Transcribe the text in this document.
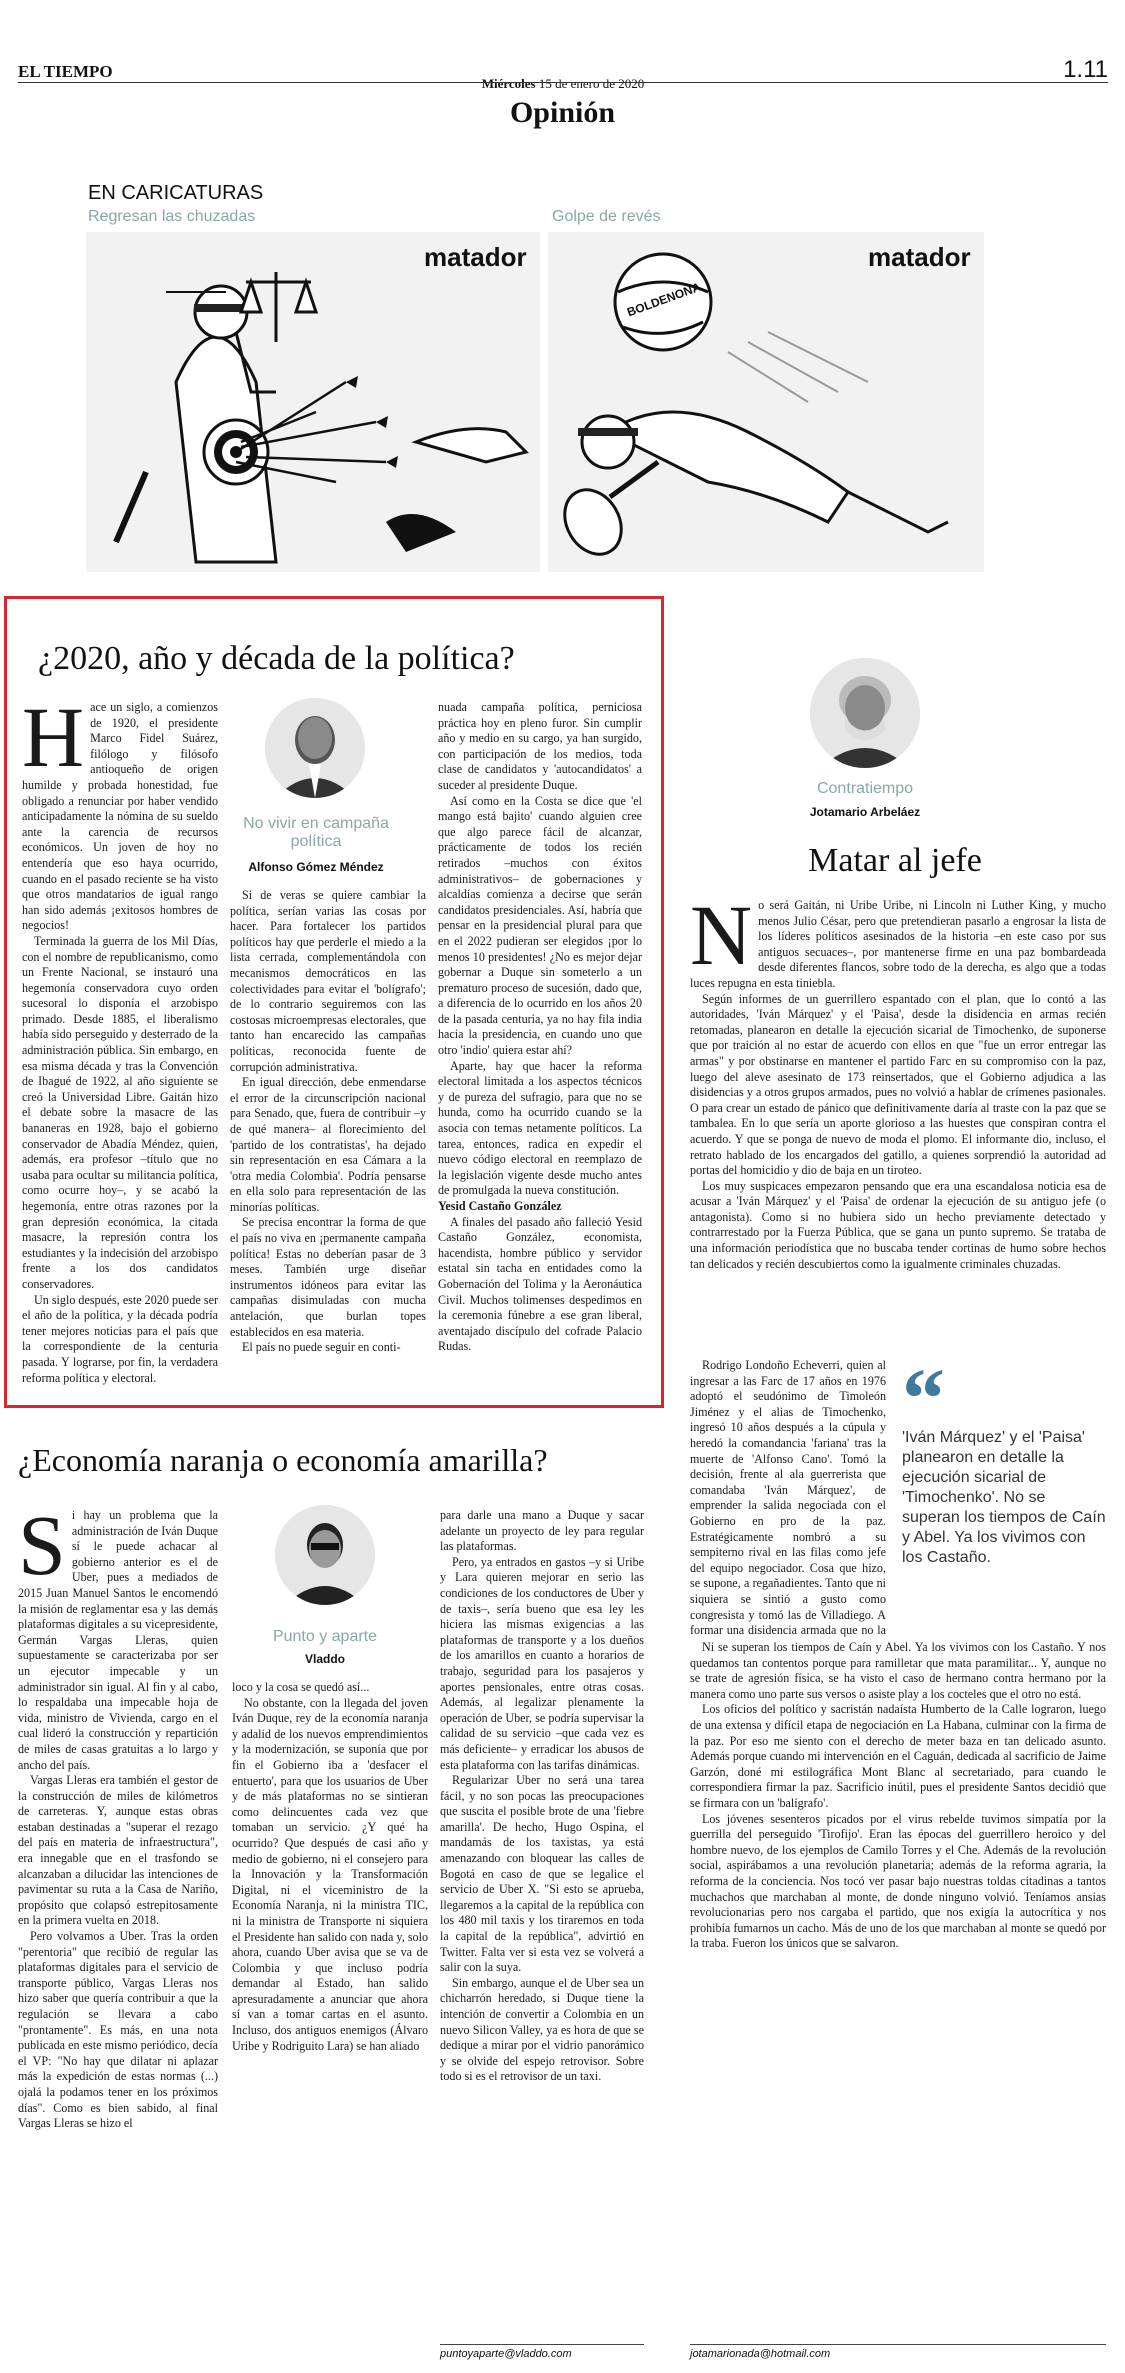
EL TIEMPO
Miércoles 15 de enero de 2020
1.11
Opinión
EN CARICATURAS
Regresan las chuzadas	Golpe de revés
matador
BOLDENONA
matador
¿2020, año y década de la política?

Hace un siglo, a comienzos de 1920, el presidente Marco Fidel Suárez, filólogo y filósofo antioqueño de origen humilde y probada honestidad, fue obligado a renunciar por haber vendido anticipadamente la nómina de su sueldo ante la carencia de recursos económicos. Un joven de hoy no entendería que eso haya ocurrido, cuando en el pasado reciente se ha visto que otros mandatarios de igual rango han sido además ¡exitosos hombres de negocios!

Terminada la guerra de los Mil Días, con el nombre de republicanismo, como un Frente Nacional, se instauró una hegemonía conservadora cuyo orden sucesoral lo disponía el arzobispo primado. Desde 1885, el liberalismo había sido perseguido y desterrado de la administración pública. Sin embargo, en esa misma década y tras la Convención de Ibagué de 1922, al año siguiente se creó la Universidad Libre. Gaitán hizo el debate sobre la masacre de las bananeras en 1928, bajo el gobierno conservador de Abadía Méndez, quien, además, era profesor –título que no usaba para ocultar su militancia política, como ocurre hoy–, y se acabó la hegemonía, entre otras razones por la gran depresión económica, la citada masacre, la represión contra los estudiantes y la indecisión del arzobispo frente a los dos candidatos conservadores.

Un siglo después, este 2020 puede ser el año de la política, y la década podría tener mejores noticias para el país que la correspondiente de la centuria pasada. Y lograrse, por fin, la verdadera reforma política y electoral.

No vivir en campaña política
Alfonso Gómez Méndez

Si de veras se quiere cambiar la política, serían varias las cosas por hacer. Para fortalecer los partidos políticos hay que perderle el miedo a la lista cerrada, complementándola con mecanismos democráticos en las colectividades para evitar el 'bolígrafo'; de lo contrario seguiremos con las costosas microempresas electorales, que tanto han encarecido las campañas políticas, reconocida fuente de corrupción administrativa.

En igual dirección, debe enmendarse el error de la circunscripción nacional para Senado, que, fuera de contribuir –y de qué manera– al florecimiento del 'partido de los contratistas', ha dejado sin representación en esa Cámara a la 'otra media Colombia'. Podría pensarse en ella solo para representación de las minorías políticas.

Se precisa encontrar la forma de que el país no viva en ¡permanente campaña política! Estas no deberían pasar de 3 meses. También urge diseñar instrumentos idóneos para evitar las campañas disimuladas con mucha antelación, que burlan topes establecidos en esa materia.

El país no puede seguir en conti-

nuada campaña política, perniciosa práctica hoy en pleno furor. Sin cumplir año y medio en su cargo, ya han surgido, con participación de los medios, toda clase de candidatos y 'autocandidatos' a suceder al presidente Duque.

Así como en la Costa se dice que 'el mango está bajito' cuando alguien cree que algo parece fácil de alcanzar, prácticamente de todos los recién retirados –muchos con éxitos administrativos– de gobernaciones y alcaldías comienza a decirse que serán candidatos presidenciales. Así, habría que pensar en la presidencial plural para que en el 2022 pudieran ser elegidos ¡por lo menos 10 presidentes! ¿No es mejor dejar gobernar a Duque sin someterlo a un prematuro proceso de sucesión, dado que, a diferencia de lo ocurrido en los años 20 de la pasada centuria, ya no hay fila india hacia la presidencia, en cuando uno que otro 'indio' quiera estar ahí?

Aparte, hay que hacer la reforma electoral limitada a los aspectos técnicos y de pureza del sufragio, para que no se hunda, como ha ocurrido cuando se la asocia con temas netamente políticos. La tarea, entonces, radica en expedir el nuevo código electoral en reemplazo de la legislación vigente desde mucho antes de promulgada la nueva constitución.

Yesid Castaño González

A finales del pasado año falleció Yesid Castaño González, economista, hacendista, hombre público y servidor estatal sin tacha en entidades como la Gobernación del Tolima y la Aeronáutica Civil. Muchos tolimenses despedimos en la ceremonia fúnebre a ese gran liberal, aventajado discípulo del cofrade Palacio Rudas.

¿Economía naranja o economía amarilla?

Si hay un problema que la administración de Iván Duque sí le puede achacar al gobierno anterior es el de Uber, pues a mediados de 2015 Juan Manuel Santos le encomendó la misión de reglamentar esa y las demás plataformas digitales a su vicepresidente, Germán Vargas Lleras, quien supuestamente se caracterizaba por ser un ejecutor impecable y un administrador sin igual. Al fin y al cabo, lo respaldaba una impecable hoja de vida, ministro de Vivienda, cargo en el cual lideró la construcción y repartición de miles de casas gratuitas a lo largo y ancho del país.

Vargas Lleras era también el gestor de la construcción de miles de kilómetros de carreteras. Y, aunque estas obras estaban destinadas a "superar el rezago del país en materia de infraestructura", era innegable que en el trasfondo se alcanzaban a dilucidar las intenciones de pavimentar su ruta a la Casa de Nariño, propósito que colapsó estrepitosamente en la primera vuelta en 2018.

Pero volvamos a Uber. Tras la orden "perentoria" que recibió de regular las plataformas digitales para el servicio de transporte público, Vargas Lleras nos hizo saber que quería contribuir a que la regulación se llevara a cabo "prontamente". Es más, en una nota publicada en este mismo periódico, decía el VP: "No hay que dilatar ni aplazar más la expedición de estas normas (...) ojalá la podamos tener en los próximos días". Como es bien sabido, al final Vargas Lleras se hizo el

Punto y aparte
Vladdo

loco y la cosa se quedó así...

No obstante, con la llegada del joven Iván Duque, rey de la economía naranja y adalid de los nuevos emprendimientos y la modernización, se suponía que por fin el Gobierno iba a 'desfacer el entuerto', para que los usuarios de Uber y de más plataformas no se sintieran como delincuentes cada vez que tomaban un servicio. ¿Y qué ha ocurrido? Que después de casi año y medio de gobierno, ni el consejero para la Innovación y la Transformación Digital, ni el viceministro de la Economía Naranja, ni la ministra TIC, ni la ministra de Transporte ni siquiera el Presidente han salido con nada y, solo ahora, cuando Uber avisa que se va de Colombia y que incluso podría demandar al Estado, han salido apresuradamente a anunciar que ahora sí van a tomar cartas en el asunto. Incluso, dos antiguos enemigos (Álvaro Uribe y Rodriguito Lara) se han aliado

para darle una mano a Duque y sacar adelante un proyecto de ley para regular las plataformas.

Pero, ya entrados en gastos –y si Uribe y Lara quieren mejorar en serio las condiciones de los conductores de Uber y de taxis–, sería bueno que esa ley les hiciera las mismas exigencias a las plataformas de transporte y a los dueños de los amarillos en cuanto a horarios de trabajo, seguridad para los pasajeros y aportes pensionales, entre otras cosas. Además, al legalizar plenamente la operación de Uber, se podría supervisar la calidad de su servicio –que cada vez es más deficiente– y erradicar los abusos de esta plataforma con las tarifas dinámicas.

Regularizar Uber no será una tarea fácil, y no son pocas las preocupaciones que suscita el posible brote de una 'fiebre amarilla'. De hecho, Hugo Ospina, el mandamás de los taxistas, ya está amenazando con bloquear las calles de Bogotá en caso de que se legalice el servicio de Uber X. "Si esto se aprueba, llegaremos a la capital de la república con los 480 mil taxis y los tiraremos en toda la capital de la república", advirtió en Twitter. Falta ver si esta vez se volverá a salir con la suya.

Sin embargo, aunque el de Uber sea un chicharrón heredado, si Duque tiene la intención de convertir a Colombia en un nuevo Silicon Valley, ya es hora de que se dedique a mirar por el vidrio panorámico y se olvide del espejo retrovisor. Sobre todo si es el retrovisor de un taxi.

puntoyaparte@vladdo.com
Contratiempo
Jotamario Arbeláez
Matar al jefe

No será Gaitán, ni Uribe Uribe, ni Lincoln ni Luther King, y mucho menos Julio César, pero que pretendieran pasarlo a engrosar la lista de los líderes políticos asesinados de la historia –en este caso por sus antiguos secuaces–, por mantenerse firme en una paz bombardeada desde diferentes flancos, sobre todo de la derecha, es algo que a todas luces repugna en esta tiniebla.

Según informes de un guerrillero espantado con el plan, que lo contó a las autoridades, 'Iván Márquez' y el 'Paisa', desde la disidencia en armas recién retomadas, planearon en detalle la ejecución sicarial de Timochenko, de suponerse que por traición al no estar de acuerdo con ellos en que "fue un error entregar las armas" y por obstinarse en mantener el partido Farc en su compromiso con la paz, luego del aleve asesinato de 173 reinsertados, que el Gobierno adjudica a las disidencias y a otros grupos armados, pues no volvió a hablar de crímenes pasionales. O para crear un estado de pánico que definitivamente daría al traste con la paz que se tambalea. En lo que sería un aporte glorioso a las huestes que conspiran contra el acuerdo. Y que se ponga de nuevo de moda el plomo. El informante dio, incluso, el retrato hablado de los encargados del gatillo, a quienes sorprendió la autoridad ad portas del homicidio y dio de baja en un tiroteo.

Los muy suspicaces empezaron pensando que era una escandalosa noticia esa de acusar a 'Iván Márquez' y el 'Paisa' de ordenar la ejecución de su antiguo jefe (o antagonista). Como si no hubiera sido un hecho previamente detectado y contrarrestado por la Fuerza Pública, que se gana un punto supremo. Se trataba de una información periodística que no buscaba tender cortinas de humo sobre hechos tan delicados y recién descubiertos como la igualmente criminales chuzadas.

Rodrigo Londoño Echeverri, quien al ingresar a las Farc de 17 años en 1976 adoptó el seudónimo de Timoleón Jiménez y el alias de Timochenko, ingresó 10 años después a la cúpula y heredó la comandancia 'fariana' tras la muerte de 'Alfonso Cano'. Tomó la decisión, frente al ala guerrerista que comandaba 'Iván Márquez', de emprender la salida negociada con el Gobierno en pro de la paz. Estratégicamente nombró a su sempiterno rival en las filas como jefe del equipo negociador. Cosa que hizo, se supone, a regañadientes. Tanto que ni siquiera se sintió a gusto como congresista y tomó las de Villadiego. A formar una disidencia armada que no la

“
'Iván Márquez' y el 'Paisa' planearon en detalle la ejecución sicarial de 'Timochenko'. No se superan los tiempos de Caín y Abel. Ya los vivimos con los Castaño.

Ni se superan los tiempos de Caín y Abel. Ya los vivimos con los Castaño. Y nos quedamos tan contentos porque para ramilletar que mata paramilitar... Y, aunque no se trate de agresión física, se ha visto el caso de hermano contra hermano por la manera como uno parte sus versos o asiste play a los cocteles que el otro no está.

Los oficios del político y sacristán nadaísta Humberto de la Calle lograron, luego de una extensa y difícil etapa de negociación en La Habana, culminar con la firma de la paz. Por eso me siento con el derecho de meter baza en tan delicado asunto. Además porque cuando mi intervención en el Caguán, dedicada al sacrificio de Jaime Garzón, doné mi estilográfica Mont Blanc al secretariado, para cuando le correspondiera firmar la paz. Sacrificio inútil, pues el presidente Santos decidió que se firmara con un 'balígrafo'.

Los jóvenes sesenteros picados por el virus rebelde tuvimos simpatía por la guerrilla del perseguido 'Tirofijo'. Eran las épocas del guerrillero heroico y del hombre nuevo, de los ejemplos de Camilo Torres y el Che. Además de la revolución social, aspirábamos a una revolución planetaria; además de la reforma agraria, la reforma de la conciencia. Nos tocó ver pasar bajo nuestras toldas citadinas a tantos muchachos que marchaban al monte, de donde ninguno volvió. Teníamos ansias revolucionarias pero nos cargaba el partido, que nos exigía la autocrítica y nos prohibía fumarnos un cacho. Más de uno de los que marchaban al monte se quedó por la traba. Fueron los únicos que se salvaron.

jotamarionada@hotmail.com
